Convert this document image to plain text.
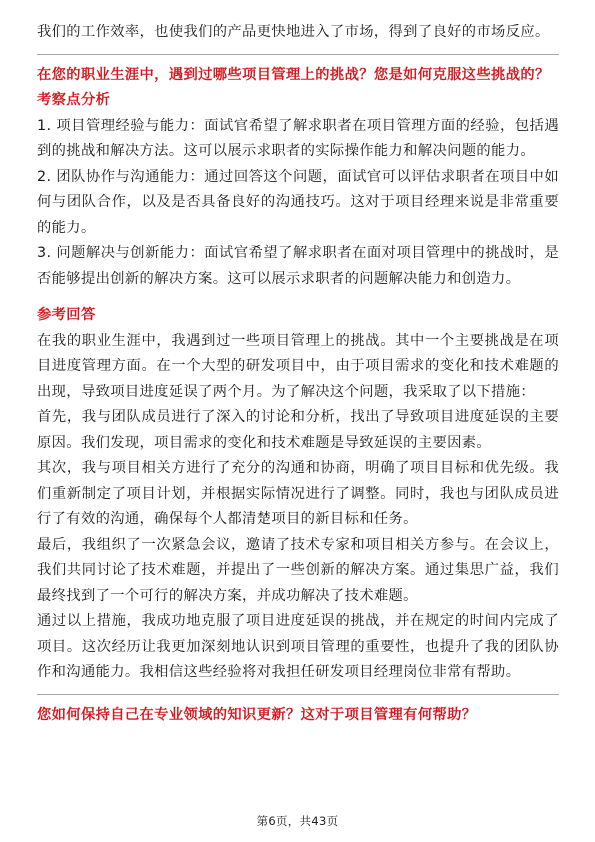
我们的工作效率，也使我们的产品更快地进入了市场，得到了良好的市场反应。

在您的职业生涯中，遇到过哪些项目管理上的挑战？您是如何克服这些挑战的？

考察点分析

1. 项目管理经验与能力：面试官希望了解求职者在项目管理方面的经验，包括遇到的挑战和解决方法。这可以展示求职者的实际操作能力和解决问题的能力。

2. 团队协作与沟通能力：通过回答这个问题，面试官可以评估求职者在项目中如何与团队合作，以及是否具备良好的沟通技巧。这对于项目经理来说是非常重要的能力。

3. 问题解决与创新能力：面试官希望了解求职者在面对项目管理中的挑战时，是否能够提出创新的解决方案。这可以展示求职者的问题解决能力和创造力。

参考回答

在我的职业生涯中，我遇到过一些项目管理上的挑战。其中一个主要挑战是在项目进度管理方面。在一个大型的研发项目中，由于项目需求的变化和技术难题的出现，导致项目进度延误了两个月。为了解决这个问题，我采取了以下措施：

首先，我与团队成员进行了深入的讨论和分析，找出了导致项目进度延误的主要原因。我们发现，项目需求的变化和技术难题是导致延误的主要因素。

其次，我与项目相关方进行了充分的沟通和协商，明确了项目目标和优先级。我们重新制定了项目计划，并根据实际情况进行了调整。同时，我也与团队成员进行了有效的沟通，确保每个人都清楚项目的新目标和任务。

最后，我组织了一次紧急会议，邀请了技术专家和项目相关方参与。在会议上，我们共同讨论了技术难题，并提出了一些创新的解决方案。通过集思广益，我们最终找到了一个可行的解决方案，并成功解决了技术难题。

通过以上措施，我成功地克服了项目进度延误的挑战，并在规定的时间内完成了项目。这次经历让我更加深刻地认识到项目管理的重要性，也提升了我的团队协作和沟通能力。我相信这些经验将对我担任研发项目经理岗位非常有帮助。

您如何保持自己在专业领域的知识更新？这对于项目管理有何帮助？

第6页，共43页
